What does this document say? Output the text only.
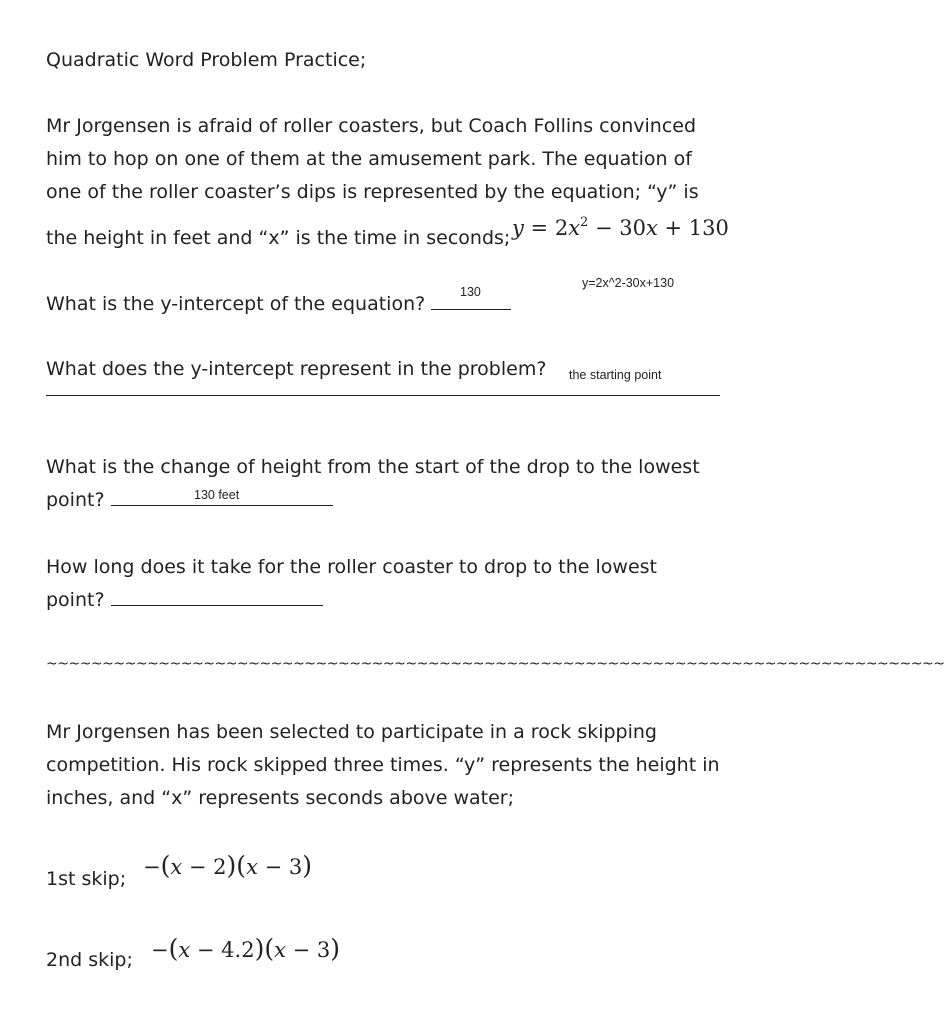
Quadratic Word Problem Practice;
Mr Jorgensen is afraid of roller coasters, but Coach Follins convinced
him to hop on one of them at the amusement park. The equation of
one of the roller coaster’s dips is represented by the equation; “y” is
the height in feet and “x” is the time in seconds; $y = 2x^2 - 30x + 130$
y=2x^2-30x+130
What is the y-intercept of the equation?
130
What does the y-intercept represent in the problem? the starting point
What is the change of height from the start of the drop to the lowest
point?	130 feet
How long does it take for the roller coaster to drop to the lowest
point?
~~~~~~~~~~~~~~~~~~~~~~~~~~~~~~~~~~~~~~~~~~~~~~~~~~~~~~~~~~~~~~~~~~~~~~~~~~~~~~~~
Mr Jorgensen has been selected to participate in a rock skipping
competition. His rock skipped three times. “y” represents the height in
inches, and “x” represents seconds above water;
1st skip; −(x − 2)(x − 3)
2nd skip; −(x − 4.2)(x − 3)
